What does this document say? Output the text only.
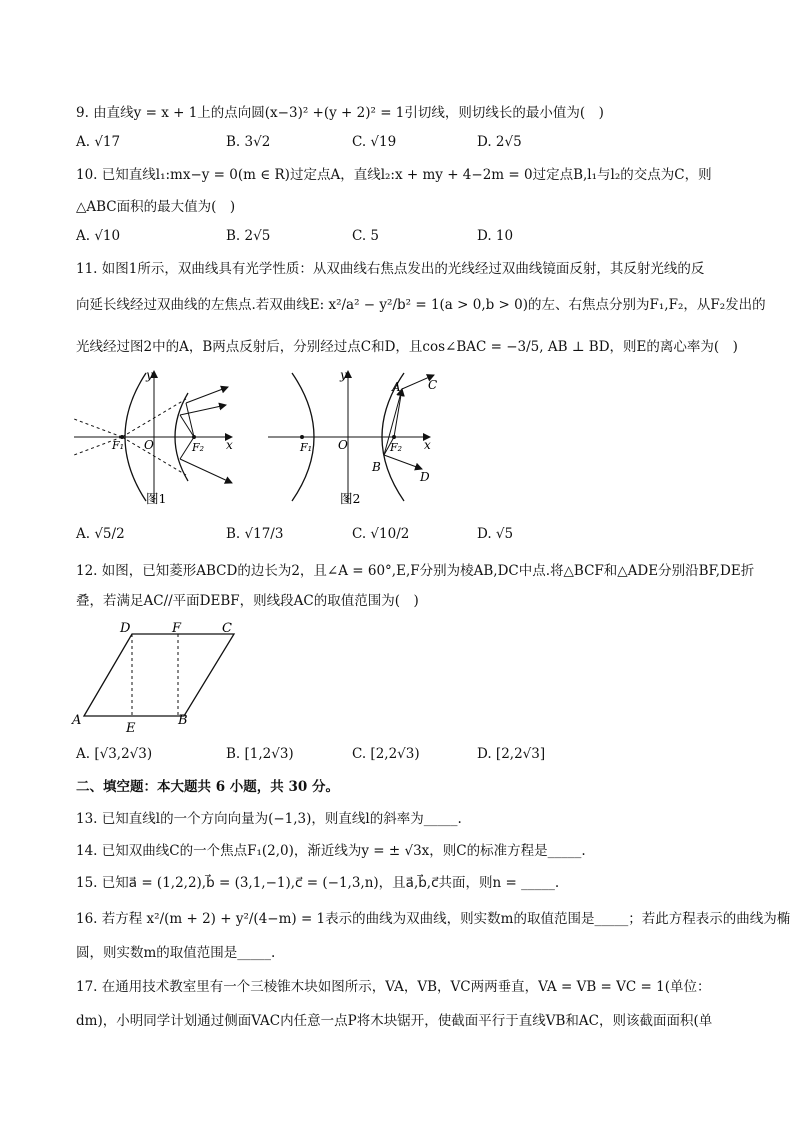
9. 由直线y = x + 1上的点向圆(x−3)² +(y + 2)² = 1引切线，则切线长的最小值为(　)
A. √17	B. 3√2	C. √19	D. 2√5
10. 已知直线l₁:mx−y = 0(m ∈ R)过定点A，直线l₂:x + my + 4−2m = 0过定点B,l₁与l₂的交点为C，则
△ABC面积的最大值为(　)
A. √10	B. 2√5	C. 5	D. 10
11. 如图1所示，双曲线具有光学性质：从双曲线右焦点发出的光线经过双曲线镜面反射，其反射光线的反
向延长线经过双曲线的左焦点.若双曲线E: x²/a² − y²/b² = 1(a > 0,b > 0)的左、右焦点分别为F₁,F₂，从F₂发出的
光线经过图2中的A，B两点反射后，分别经过点C和D，且cos∠BAC = −3/5, AB ⊥ BD，则E的离心率为(　)
y
x
F₁ O	F₂
图1
y
x
F₁ O	F₂
A C
B
D
图2
A. √5/2	B. √17/3	C. √10/2	D. √5
12. 如图，已知菱形ABCD的边长为2，且∠A = 60°,E,F分别为棱AB,DC中点.将△BCF和△ADE分别沿BF,DE折
叠，若满足AC//平面DEBF，则线段AC的取值范围为(　)
D	F	C
A
E
B
A. [√3,2√3)	B. [1,2√3)	C. [2,2√3)	D. [2,2√3]
二、填空题：本大题共 6 小题，共 30 分。
13. 已知直线l的一个方向向量为(−1,3)，则直线l的斜率为_____.
14. 已知双曲线C的一个焦点F₁(2,0)，渐近线为y = ± √3x，则C的标准方程是_____.
15. 已知a⃗ = (1,2,2),b⃗ = (3,1,−1),c⃗ = (−1,3,n)，且a⃗,b⃗,c⃗共面，则n = _____.
16. 若方程 x²/(m + 2) + y²/(4−m) = 1表示的曲线为双曲线，则实数m的取值范围是_____；若此方程表示的曲线为椭
圆，则实数m的取值范围是_____.
17. 在通用技术教室里有一个三棱锥木块如图所示，VA，VB，VC两两垂直，VA = VB = VC = 1(单位：
dm)，小明同学计划通过侧面VAC内任意一点P将木块锯开，使截面平行于直线VB和AC，则该截面面积(单
